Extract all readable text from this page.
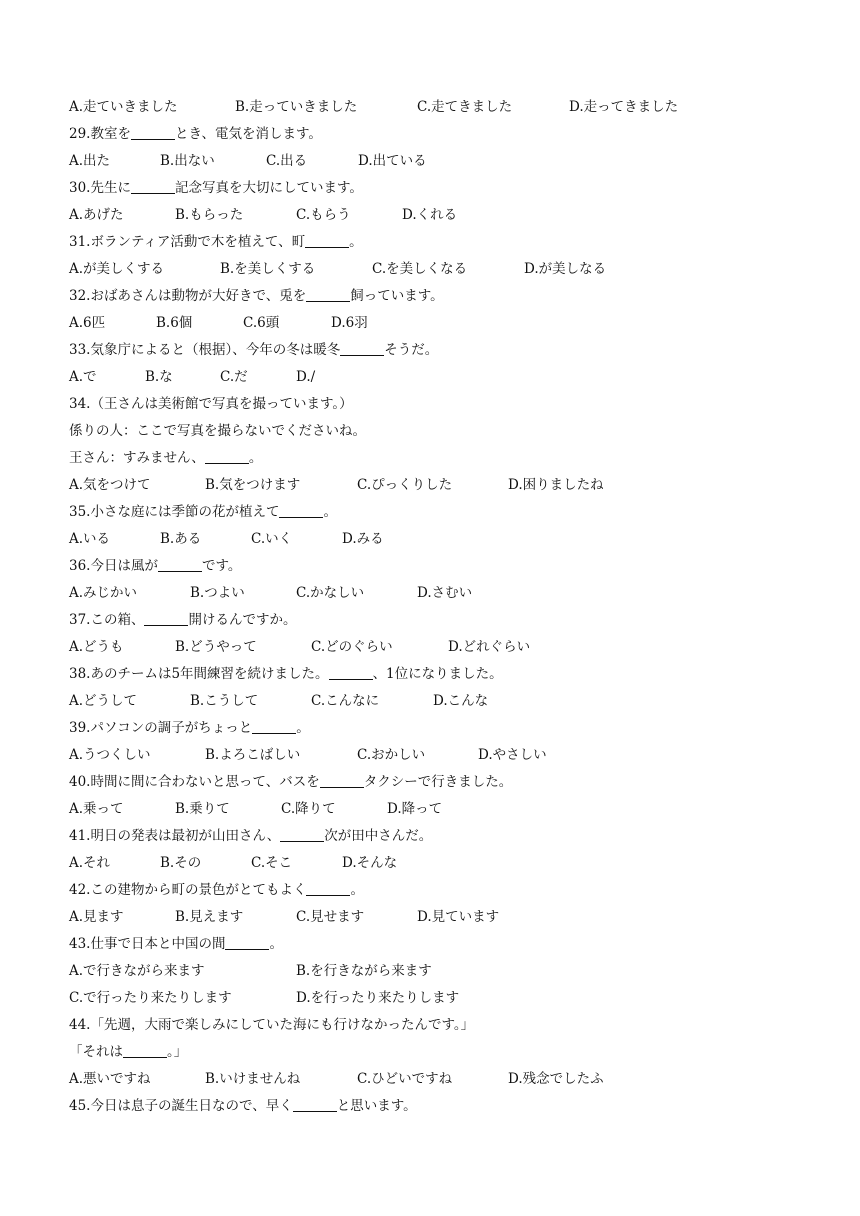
A.走ていきました	B.走っていきました	C.走てきました	D.走ってきました
29.教室を	とき、電気を消します。
A.出た	B.出ない	C.出る	D.出ている
30.先生に	記念写真を大切にしています。
A.あげた	B.もらった	C.もらう	D.くれる
31.ボランティア活動で木を植えて、町	。
A.が美しくする	B.を美しくする	C.を美しくなる	D.が美しなる
32.おばあさんは動物が大好きで、兎を	飼っています。
A.6匹	B.6個	C.6頭	D.6羽
33.気象庁によると（根据）、今年の冬は暖冬	そうだ。
A.で	B.な	C.だ	D./
34.（王さんは美術館で写真を撮っています。）
係りの人：ここで写真を撮らないでくださいね。
王さん：すみません、	。
A.気をつけて	B.気をつけます	C.ぴっくりした	D.困りましたね
35.小さな庭には季節の花が植えて	。
A.いる	B.ある	C.いく	D.みる
36.今日は風が	です。
A.みじかい	B.つよい	C.かなしい	D.さむい
37.この箱、	開けるんですか。
A.どうも	B.どうやって	C.どのぐらい	D.どれぐらい
38.あのチームは5年間練習を続けました。	、1位になりました。
A.どうして	B.こうして	C.こんなに	D.こんな
39.パソコンの調子がちょっと	。
A.うつくしい	B.よろこばしい	C.おかしい	D.やさしい
40.時間に間に合わないと思って、バスを	タクシーで行きました。
A.乗って	B.乗りて	C.降りて	D.降って
41.明日の発表は最初が山田さん、	次が田中さんだ。
A.それ	B.その	C.そこ	D.そんな
42.この建物から町の景色がとてもよく	。
A.見ます	B.見えます	C.見せます	D.見ています
43.仕事で日本と中国の間	。
A.で行きながら来ます	B.を行きながら来ます
C.で行ったり来たりします	D.を行ったり来たりします
44.「先週，大雨で楽しみにしていた海にも行けなかったんです。」
「それは	。」
A.悪いですね	B.いけませんね	C.ひどいですね	D.残念でしたふ
45.今日は息子の誕生日なので、早く	と思います。
